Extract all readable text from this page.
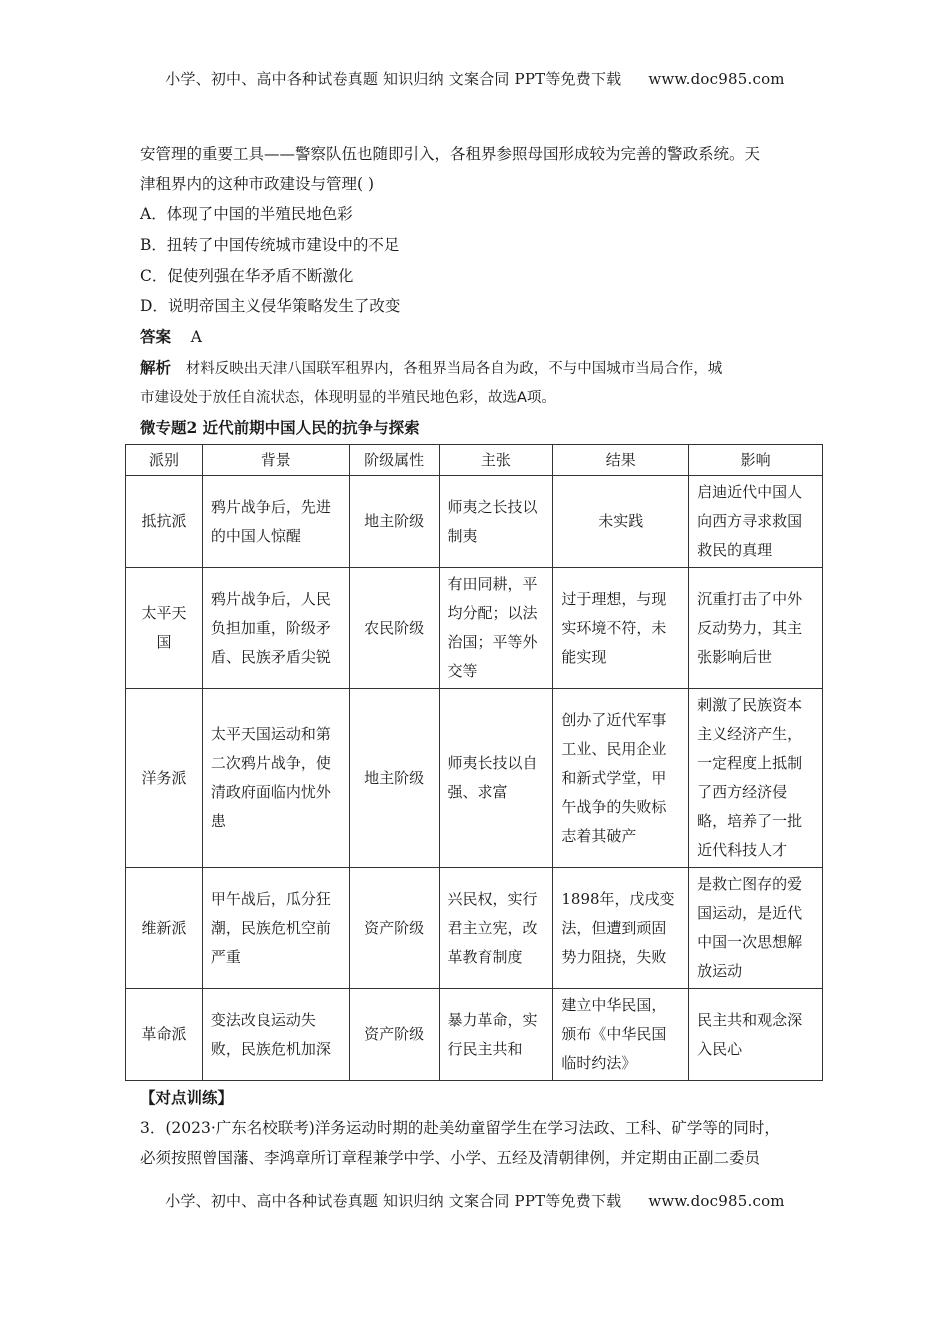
小学、初中、高中各种试卷真题 知识归纳 文案合同 PPT等免费下载 www.doc985.com
安管理的重要工具——警察队伍也随即引入，各租界参照母国形成较为完善的警政系统。天
津租界内的这种市政建设与管理( )
A．体现了中国的半殖民地色彩
B．扭转了中国传统城市建设中的不足
C．促使列强在华矛盾不断激化
D．说明帝国主义侵华策略发生了改变
答案 A
解析 材料反映出天津八国联军租界内，各租界当局各自为政，不与中国城市当局合作，城
市建设处于放任自流状态，体现明显的半殖民地色彩，故选A项。
微专题2 近代前期中国人民的抗争与探索
派别	背景	阶级属性	主张	结果	影响
抵抗派	鸦片战争后，先进的中国人惊醒	地主阶级	师夷之长技以制夷	未实践	启迪近代中国人向西方寻求救国救民的真理
太平天国	鸦片战争后，人民负担加重，阶级矛盾、民族矛盾尖锐	农民阶级	有田同耕，平均分配；以法治国；平等外交等	过于理想，与现实环境不符，未能实现	沉重打击了中外反动势力，其主张影响后世
洋务派	太平天国运动和第二次鸦片战争，使清政府面临内忧外患	地主阶级	师夷长技以自强、求富	创办了近代军事工业、民用企业和新式学堂，甲午战争的失败标志着其破产	刺激了民族资本主义经济产生，一定程度上抵制了西方经济侵略，培养了一批近代科技人才
维新派	甲午战后，瓜分狂潮，民族危机空前严重	资产阶级	兴民权，实行君主立宪，改革教育制度	1898年，戊戌变法，但遭到顽固势力阻挠，失败	是救亡图存的爱国运动，是近代中国一次思想解放运动
革命派	变法改良运动失败，民族危机加深	资产阶级	暴力革命，实行民主共和	建立中华民国，颁布《中华民国临时约法》	民主共和观念深入民心
【对点训练】
3．(2023·广东名校联考)洋务运动时期的赴美幼童留学生在学习法政、工科、矿学等的同时，
必须按照曾国藩、李鸿章所订章程兼学中学、小学、五经及清朝律例，并定期由正副二委员
小学、初中、高中各种试卷真题 知识归纳 文案合同 PPT等免费下载 www.doc985.com
